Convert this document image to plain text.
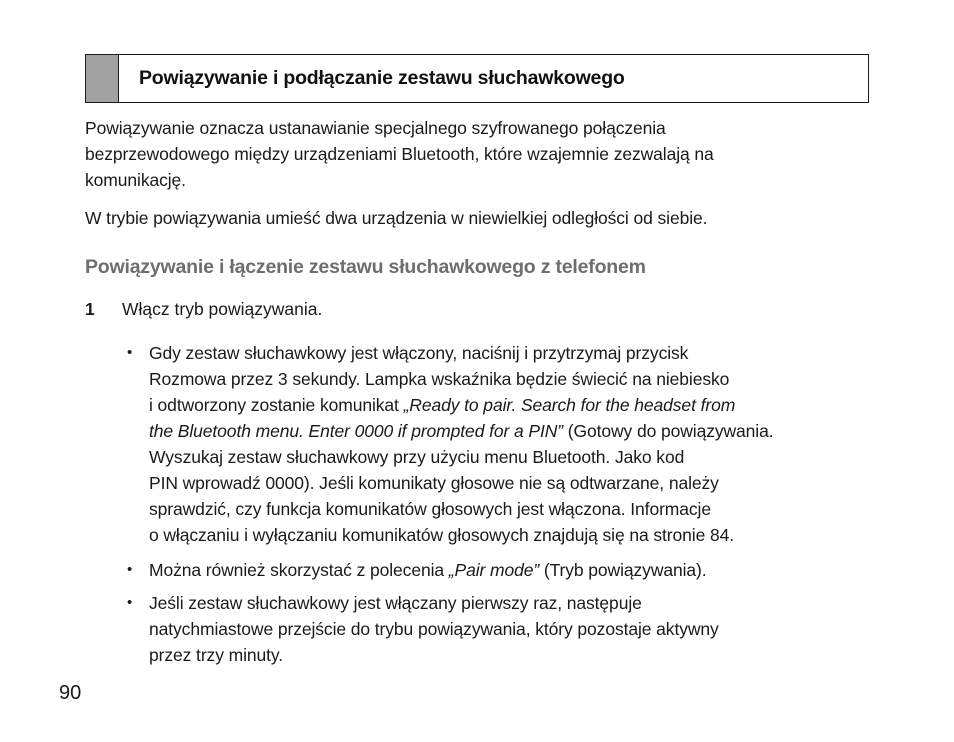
Powiązywanie i podłączanie zestawu słuchawkowego
Powiązywanie oznacza ustanawianie specjalnego szyfrowanego połączenia
bezprzewodowego między urządzeniami Bluetooth, które wzajemnie zezwalają na
komunikację.
W trybie powiązywania umieść dwa urządzenia w niewielkiej odległości od siebie.
Powiązywanie i łączenie zestawu słuchawkowego z telefonem
1 Włącz tryb powiązywania.
• Gdy zestaw słuchawkowy jest włączony, naciśnij i przytrzymaj przycisk
Rozmowa przez 3 sekundy. Lampka wskaźnika będzie świecić na niebiesko
i odtworzony zostanie komunikat „Ready to pair. Search for the headset from
the Bluetooth menu. Enter 0000 if prompted for a PIN” (Gotowy do powiązywania.
Wyszukaj zestaw słuchawkowy przy użyciu menu Bluetooth. Jako kod
PIN wprowadź 0000). Jeśli komunikaty głosowe nie są odtwarzane, należy
sprawdzić, czy funkcja komunikatów głosowych jest włączona. Informacje
o włączaniu i wyłączaniu komunikatów głosowych znajdują się na stronie 84.
• Można również skorzystać z polecenia „Pair mode” (Tryb powiązywania).
• Jeśli zestaw słuchawkowy jest włączany pierwszy raz, następuje
natychmiastowe przejście do trybu powiązywania, który pozostaje aktywny
przez trzy minuty.
90
